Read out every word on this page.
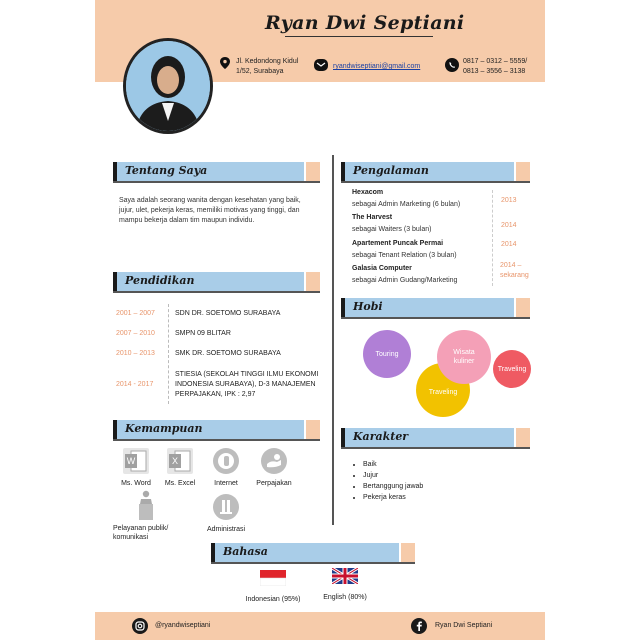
Ryan Dwi Septiani
Jl. Kedondong Kidul
1/52, Surabaya
ryandwiseptiani@gmail.com
0817 – 0312 – 5559/
0813 – 3556 – 3138
Tentang Saya
Saya adalah seorang wanita dengan kesehatan yang baik, jujur, ulet, pekerja keras, memiliki motivas yang tinggi, dan mampu bekerja dalam tim maupun individu.
Pendidikan
2001 – 2007	SDN DR. SOETOMO SURABAYA
2007 – 2010	SMPN 09 BLITAR
2010 – 2013	SMK DR. SOETOMO SURABAYA
2014 - 2017
STIESIA (SEKOLAH TINGGI ILMU EKONOMI INDONESIA SURABAYA), D-3 MANAJEMEN PERPAJAKAN, IPK : 2,97
Kemampuan
W
Ms. Word
X
Ms. Excel	Internet	Perpajakan
Pelayanan publik/ komunikasi
Administrasi
Pengalaman
Hexacom
sebagai Admin Marketing (6 bulan)
2013
The Harvest
sebagai Waiters (3 bulan)
2014
Apartement Puncak Permai
sebagai Tenant Relation (3 bulan)
2014
Galasia Computer
sebagai Admin Gudang/Marketing
2014 – sekarang
Hobi
Touring
Traveling
Wisata kuliner
Traveling
Karakter
• Baik
• Jujur
• Bertanggung jawab
• Pekerja keras
Bahasa
Indonesian (95%)	English (80%)
@ryandwiseptiani	Ryan Dwi Septiani
